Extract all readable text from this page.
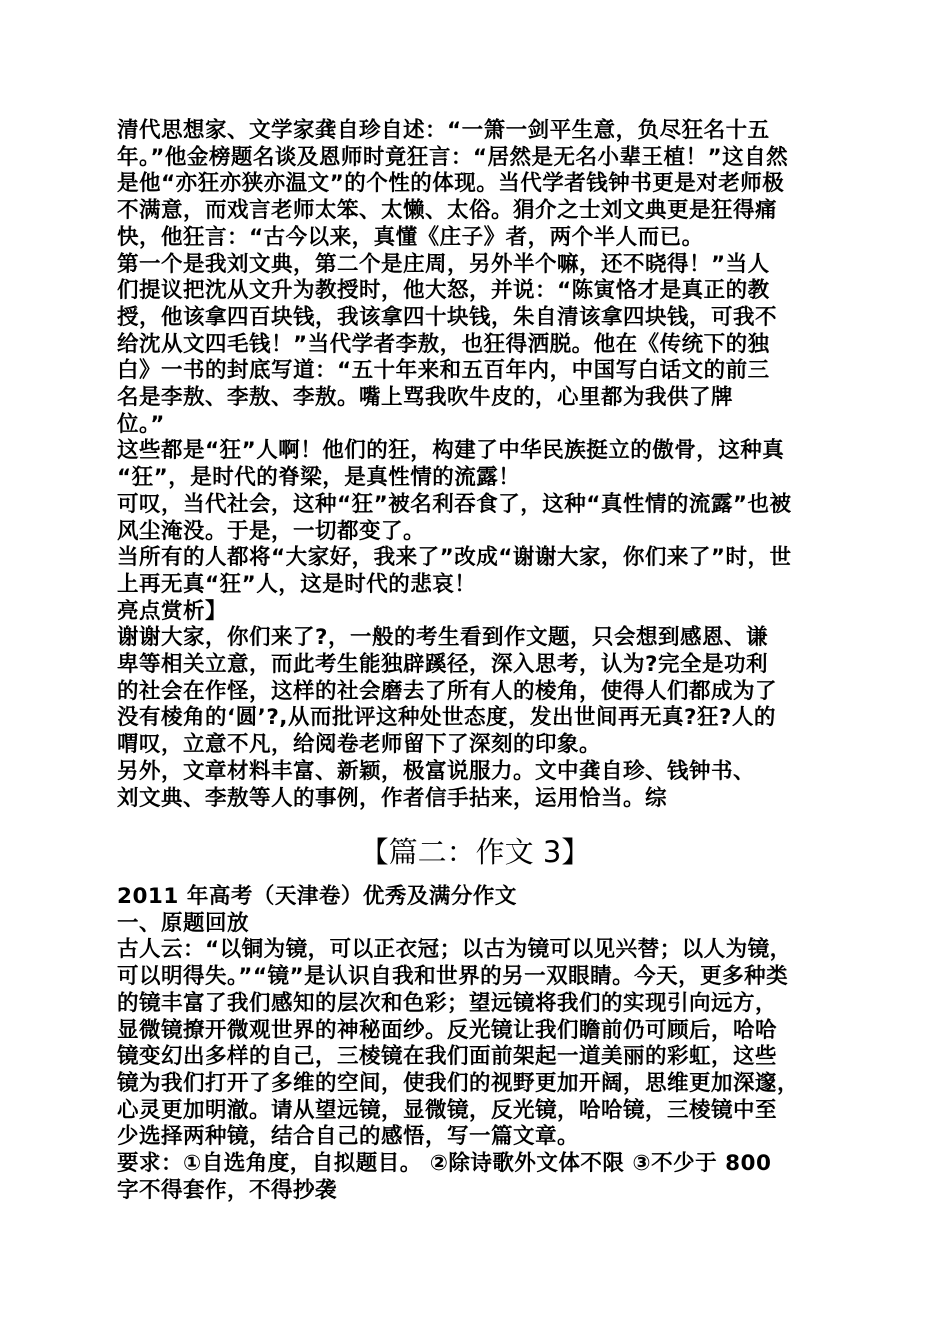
清代思想家、文学家龚自珍自述：“一箫一剑平生意，负尽狂名十五
年。”他金榜题名谈及恩师时竟狂言：“居然是无名小辈王植！”这自然
是他“亦狂亦狭亦温文”的个性的体现。当代学者钱钟书更是对老师极
不满意，而戏言老师太笨、太懒、太俗。狷介之士刘文典更是狂得痛
快，他狂言：“古今以来，真懂《庄子》者，两个半人而已。
第一个是我刘文典，第二个是庄周，另外半个嘛，还不晓得！”当人
们提议把沈从文升为教授时，他大怒，并说：“陈寅恪才是真正的教
授，他该拿四百块钱，我该拿四十块钱，朱自清该拿四块钱，可我不
给沈从文四毛钱！”当代学者李敖，也狂得洒脱。他在《传统下的独
白》一书的封底写道：“五十年来和五百年内，中国写白话文的前三
名是李敖、李敖、李敖。嘴上骂我吹牛皮的，心里都为我供了牌
位。”
这些都是“狂”人啊！他们的狂，构建了中华民族挺立的傲骨，这种真
“狂”，是时代的脊梁，是真性情的流露！
可叹，当代社会，这种“狂”被名利吞食了，这种“真性情的流露”也被
风尘淹没。于是，一切都变了。
当所有的人都将“大家好，我来了”改成“谢谢大家，你们来了”时，世
上再无真“狂”人，这是时代的悲哀！
亮点赏析】
谢谢大家，你们来了?，一般的考生看到作文题，只会想到感恩、谦
卑等相关立意，而此考生能独辟蹊径，深入思考，认为?完全是功利
的社会在作怪，这样的社会磨去了所有人的棱角，使得人们都成为了
没有棱角的‘圆’?,从而批评这种处世态度，发出世间再无真?狂?人的
喟叹，立意不凡，给阅卷老师留下了深刻的印象。
另外，文章材料丰富、新颖，极富说服力。文中龚自珍、钱钟书、
刘文典、李敖等人的事例，作者信手拈来，运用恰当。综
【篇二：作文 3】
2011 年高考（天津卷）优秀及满分作文
一、原题回放
古人云：“以铜为镜，可以正衣冠；以古为镜可以见兴替；以人为镜，
可以明得失。”“镜”是认识自我和世界的另一双眼睛。今天，更多种类
的镜丰富了我们感知的层次和色彩；望远镜将我们的实现引向远方，
显微镜撩开微观世界的神秘面纱。反光镜让我们瞻前仍可顾后，哈哈
镜变幻出多样的自己，三棱镜在我们面前架起一道美丽的彩虹，这些
镜为我们打开了多维的空间，使我们的视野更加开阔，思维更加深邃，
心灵更加明澈。请从望远镜，显微镜，反光镜，哈哈镜，三棱镜中至
少选择两种镜，结合自己的感悟，写一篇文章。
要求：①自选角度，自拟题目。 ②除诗歌外文体不限 ③不少于 800
字不得套作，不得抄袭
